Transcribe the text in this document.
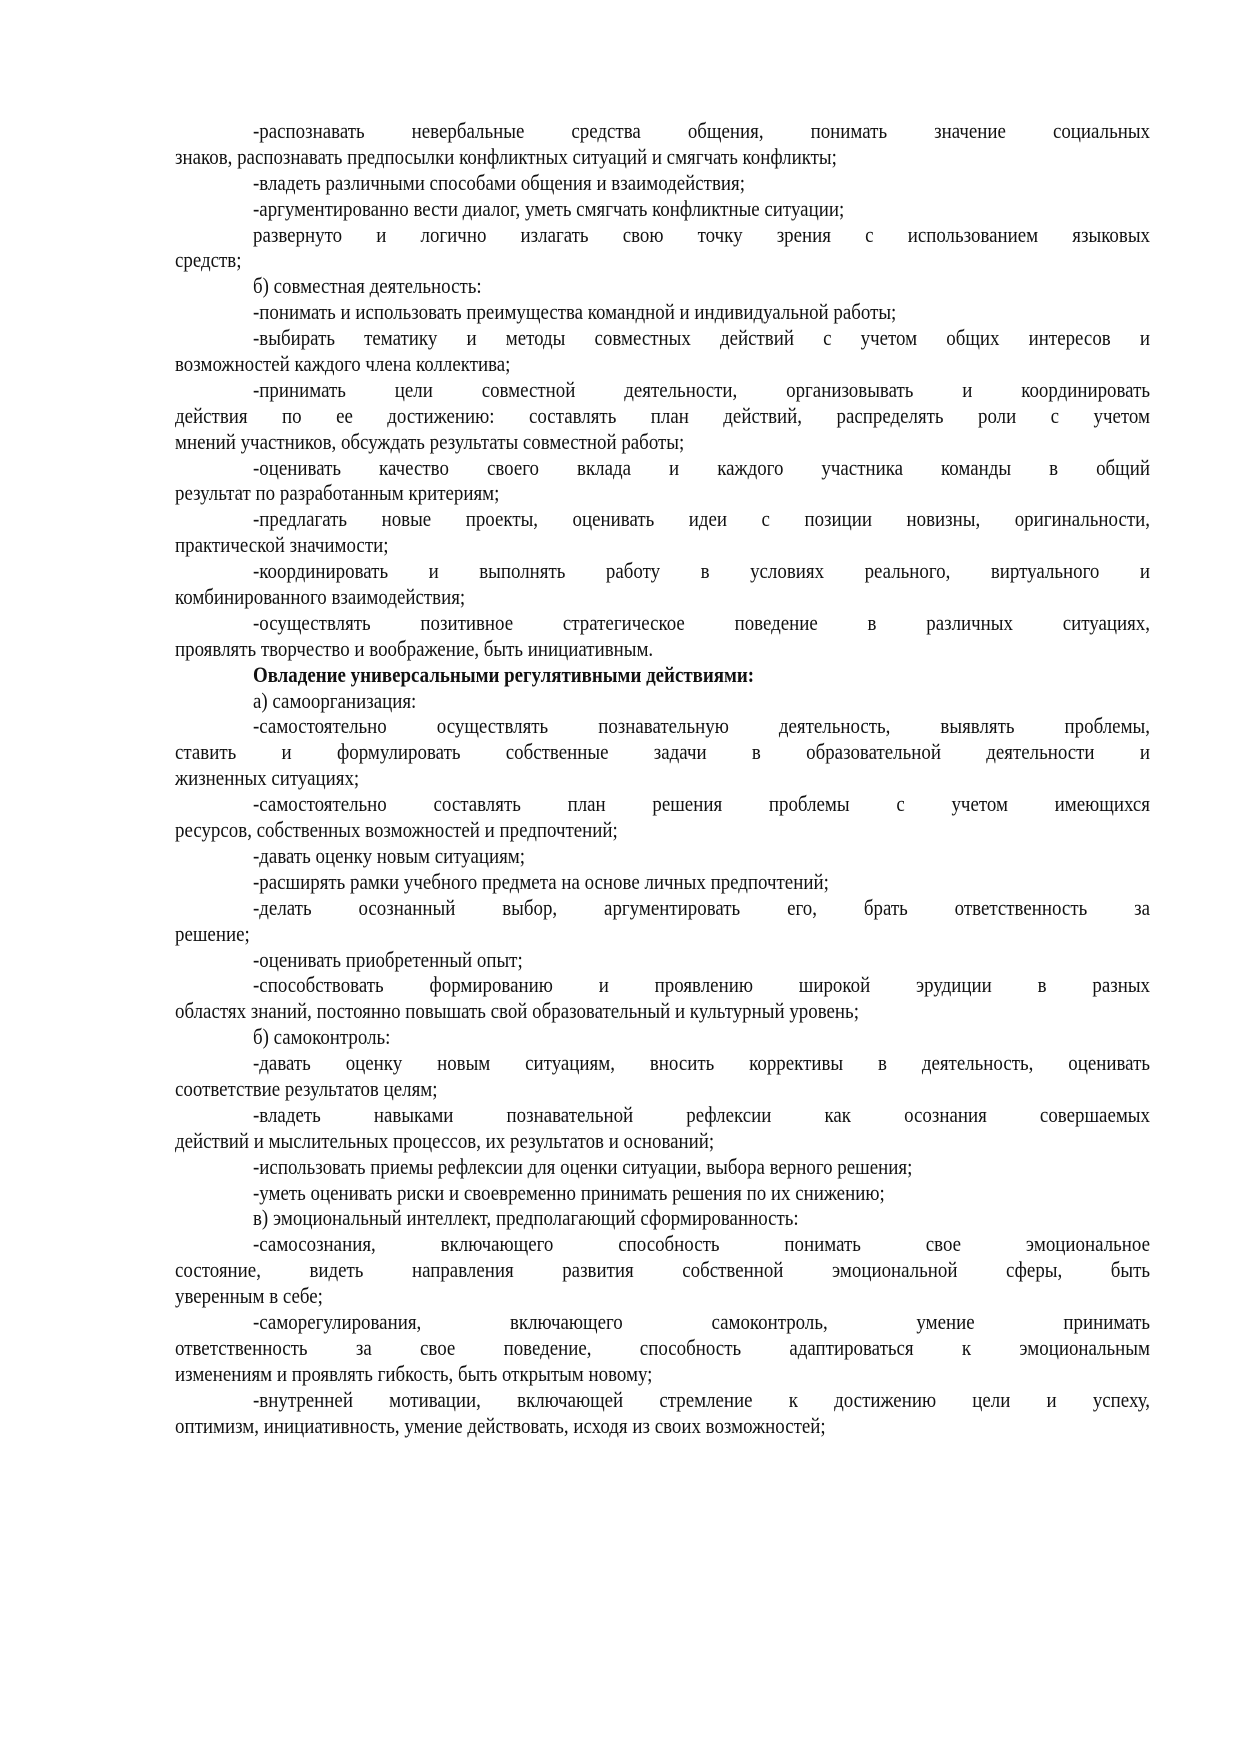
-распознавать невербальные средства общения, понимать значение социальных
знаков, распознавать предпосылки конфликтных ситуаций и смягчать конфликты;
-владеть различными способами общения и взаимодействия;
-аргументированно вести диалог, уметь смягчать конфликтные ситуации;
развернуто и логично излагать свою точку зрения с использованием языковых
средств;
б) совместная деятельность:
-понимать и использовать преимущества командной и индивидуальной работы;
-выбирать тематику и методы совместных действий с учетом общих интересов и
возможностей каждого члена коллектива;
-принимать цели совместной деятельности, организовывать и координировать
действия по ее достижению: составлять план действий, распределять роли с учетом
мнений участников, обсуждать результаты совместной работы;
-оценивать качество своего вклада и каждого участника команды в общий
результат по разработанным критериям;
-предлагать новые проекты, оценивать идеи с позиции новизны, оригинальности,
практической значимости;
-координировать и выполнять работу в условиях реального, виртуального и
комбинированного взаимодействия;
-осуществлять позитивное стратегическое поведение в различных ситуациях,
проявлять творчество и воображение, быть инициативным.
Овладение универсальными регулятивными действиями:
а) самоорганизация:
-самостоятельно осуществлять познавательную деятельность, выявлять проблемы,
ставить и формулировать собственные задачи в образовательной деятельности и
жизненных ситуациях;
-самостоятельно составлять план решения проблемы с учетом имеющихся
ресурсов, собственных возможностей и предпочтений;
-давать оценку новым ситуациям;
-расширять рамки учебного предмета на основе личных предпочтений;
-делать осознанный выбор, аргументировать его, брать ответственность за
решение;
-оценивать приобретенный опыт;
-способствовать формированию и проявлению широкой эрудиции в разных
областях знаний, постоянно повышать свой образовательный и культурный уровень;
б) самоконтроль:
-давать оценку новым ситуациям, вносить коррективы в деятельность, оценивать
соответствие результатов целям;
-владеть навыками познавательной рефлексии как осознания совершаемых
действий и мыслительных процессов, их результатов и оснований;
-использовать приемы рефлексии для оценки ситуации, выбора верного решения;
-уметь оценивать риски и своевременно принимать решения по их снижению;
в) эмоциональный интеллект, предполагающий сформированность:
-самосознания, включающего способность понимать свое эмоциональное
состояние, видеть направления развития собственной эмоциональной сферы, быть
уверенным в себе;
-саморегулирования, включающего самоконтроль, умение принимать
ответственность за свое поведение, способность адаптироваться к эмоциональным
изменениям и проявлять гибкость, быть открытым новому;
-внутренней мотивации, включающей стремление к достижению цели и успеху,
оптимизм, инициативность, умение действовать, исходя из своих возможностей;
